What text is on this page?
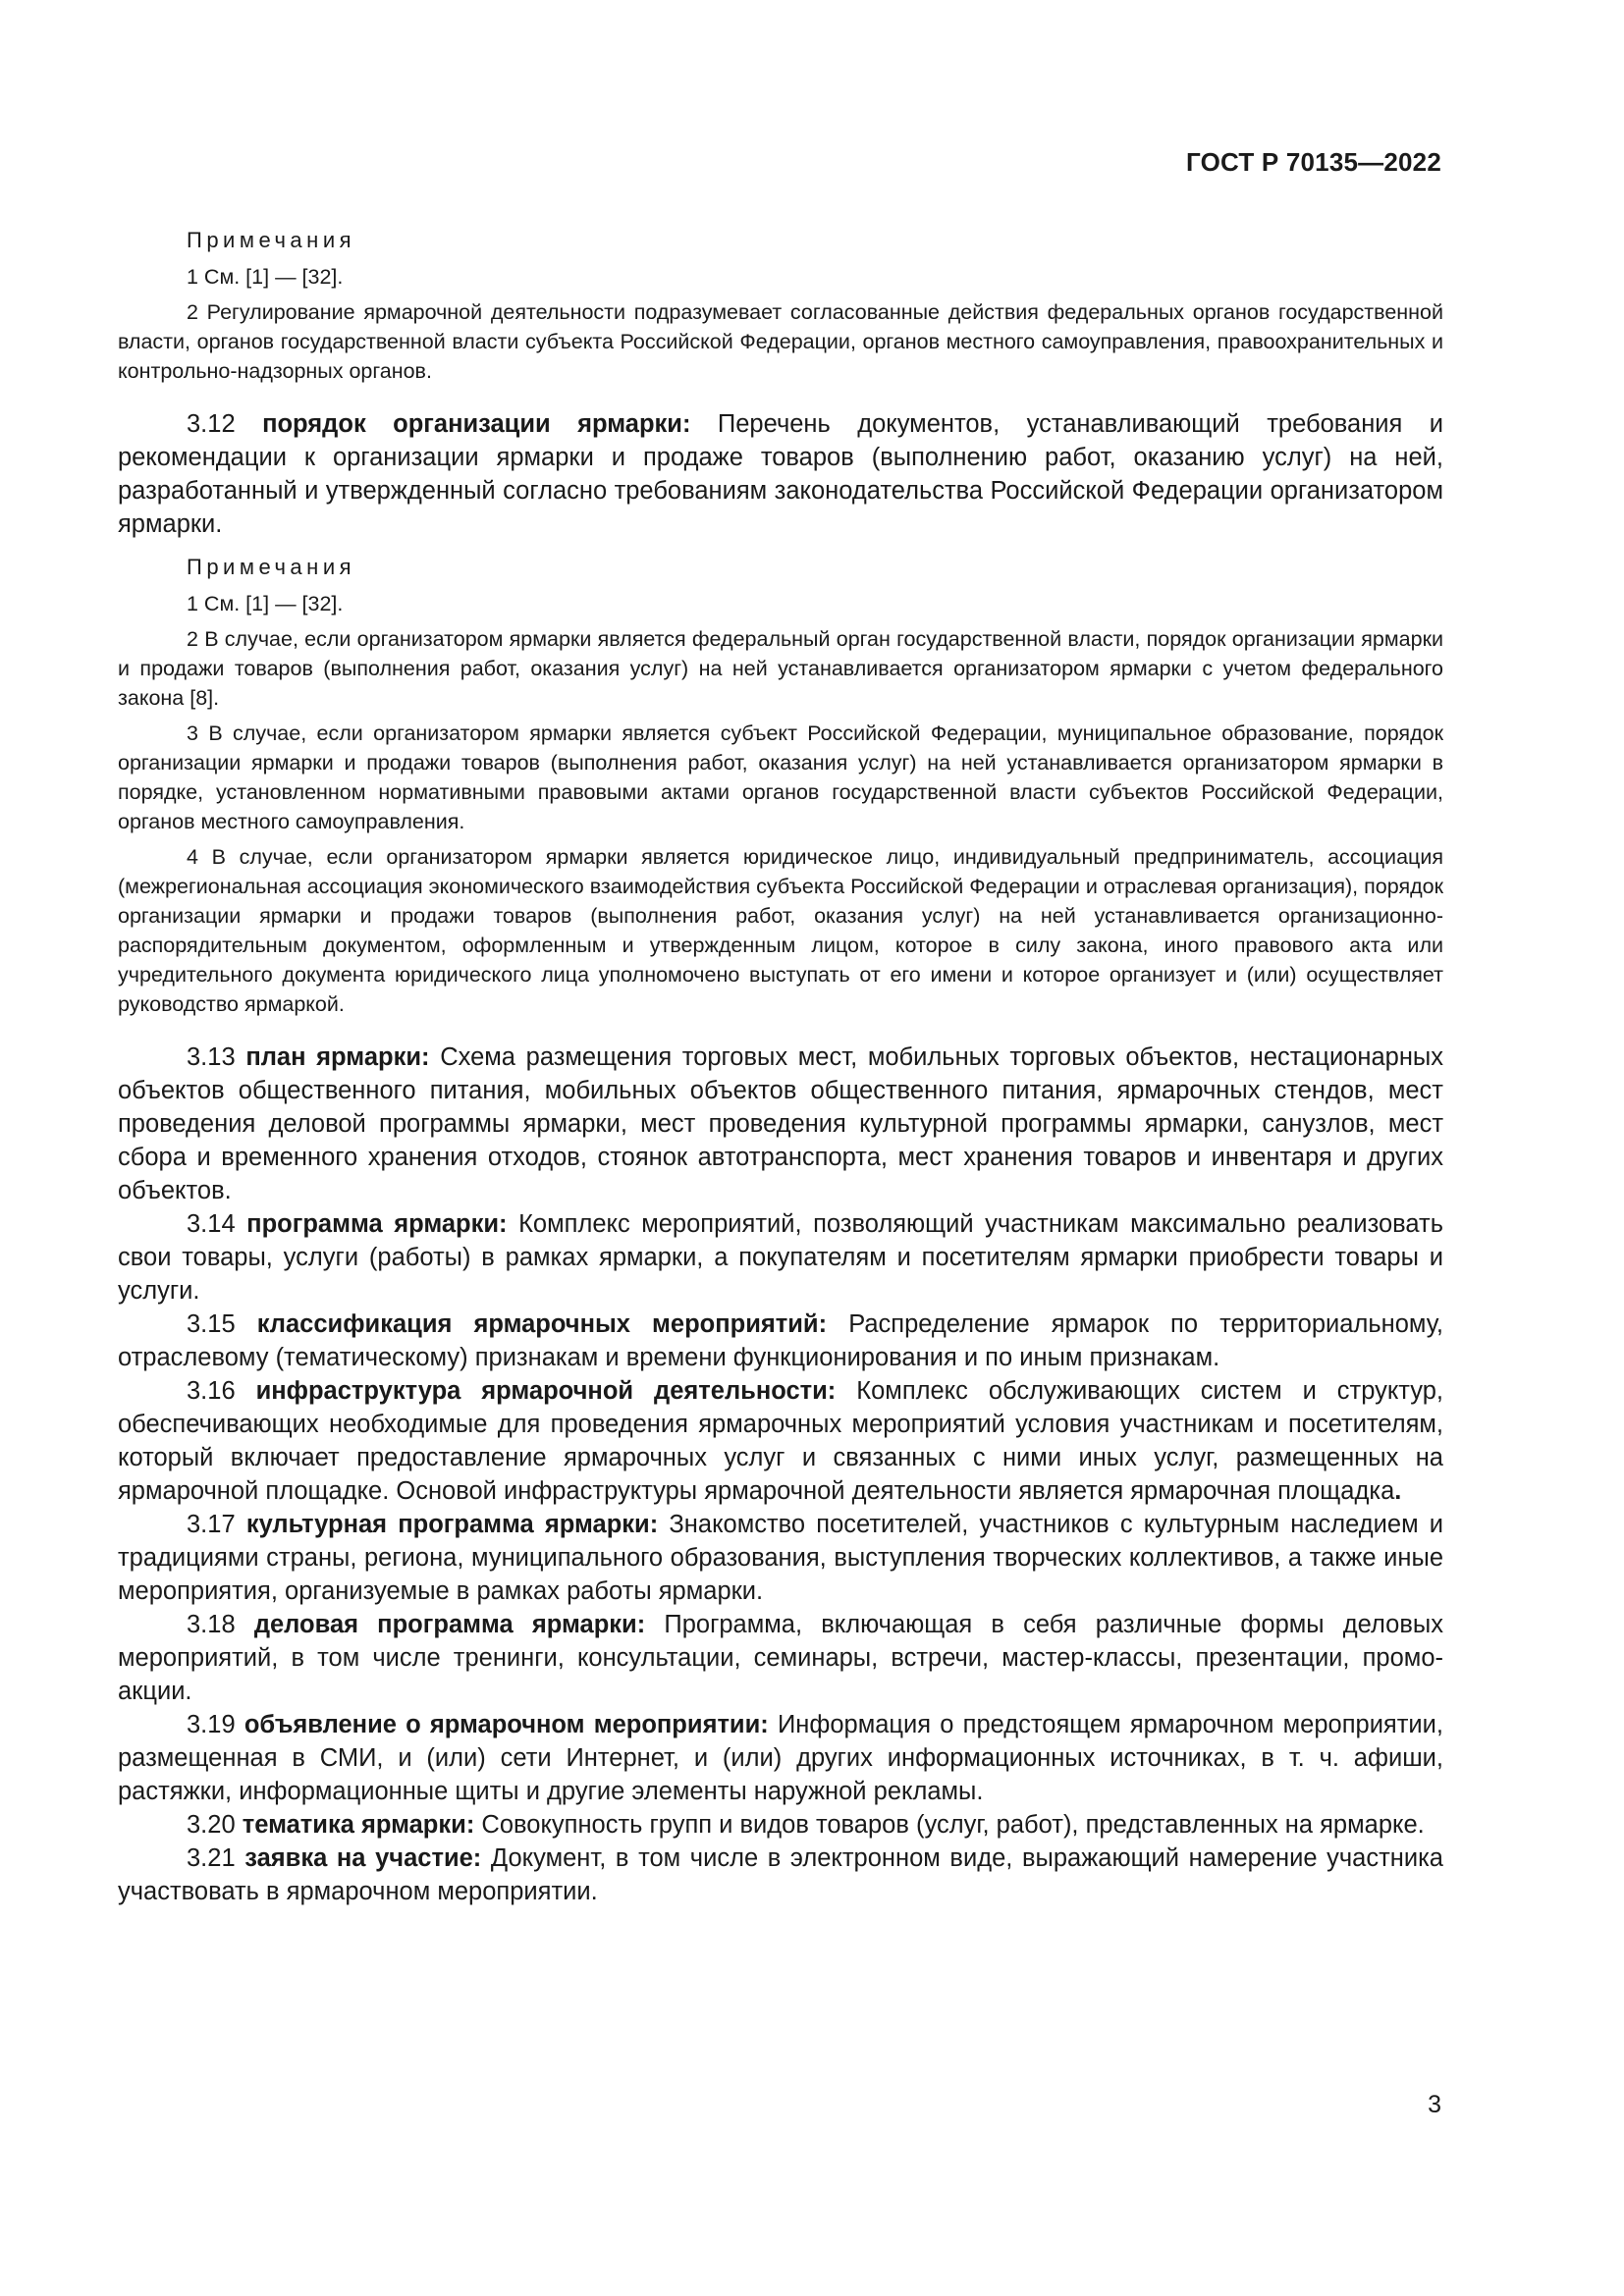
ГОСТ Р 70135—2022

Примечания

1 См. [1] — [32].

2 Регулирование ярмарочной деятельности подразумевает согласованные действия федеральных органов государственной власти, органов государственной власти субъекта Российской Федерации, органов местного самоуправления, правоохранительных и контрольно-надзорных органов.

3.12 порядок организации ярмарки: Перечень документов, устанавливающий требования и рекомендации к организации ярмарки и продаже товаров (выполнению работ, оказанию услуг) на ней, разработанный и утвержденный согласно требованиям законодательства Российской Федерации организатором ярмарки.

Примечания

1 См. [1] — [32].

2 В случае, если организатором ярмарки является федеральный орган государственной власти, порядок организации ярмарки и продажи товаров (выполнения работ, оказания услуг) на ней устанавливается организатором ярмарки с учетом федерального закона [8].

3 В случае, если организатором ярмарки является субъект Российской Федерации, муниципальное образование, порядок организации ярмарки и продажи товаров (выполнения работ, оказания услуг) на ней устанавливается организатором ярмарки в порядке, установленном нормативными правовыми актами органов государственной власти субъектов Российской Федерации, органов местного самоуправления.

4 В случае, если организатором ярмарки является юридическое лицо, индивидуальный предприниматель, ассоциация (межрегиональная ассоциация экономического взаимодействия субъекта Российской Федерации и отраслевая организация), порядок организации ярмарки и продажи товаров (выполнения работ, оказания услуг) на ней устанавливается организационно-распорядительным документом, оформленным и утвержденным лицом, которое в силу закона, иного правового акта или учредительного документа юридического лица уполномочено выступать от его имени и которое организует и (или) осуществляет руководство ярмаркой.

3.13 план ярмарки: Схема размещения торговых мест, мобильных торговых объектов, нестационарных объектов общественного питания, мобильных объектов общественного питания, ярмарочных стендов, мест проведения деловой программы ярмарки, мест проведения культурной программы ярмарки, санузлов, мест сбора и временного хранения отходов, стоянок автотранспорта, мест хранения товаров и инвентаря и других объектов.

3.14 программа ярмарки: Комплекс мероприятий, позволяющий участникам максимально реализовать свои товары, услуги (работы) в рамках ярмарки, а покупателям и посетителям ярмарки приобрести товары и услуги.

3.15 классификация ярмарочных мероприятий: Распределение ярмарок по территориальному, отраслевому (тематическому) признакам и времени функционирования и по иным признакам.

3.16 инфраструктура ярмарочной деятельности: Комплекс обслуживающих систем и структур, обеспечивающих необходимые для проведения ярмарочных мероприятий условия участникам и посетителям, который включает предоставление ярмарочных услуг и связанных с ними иных услуг, размещенных на ярмарочной площадке. Основой инфраструктуры ярмарочной деятельности является ярмарочная площадка.

3.17 культурная программа ярмарки: Знакомство посетителей, участников с культурным наследием и традициями страны, региона, муниципального образования, выступления творческих коллективов, а также иные мероприятия, организуемые в рамках работы ярмарки.

3.18 деловая программа ярмарки: Программа, включающая в себя различные формы деловых мероприятий, в том числе тренинги, консультации, семинары, встречи, мастер-классы, презентации, промо-акции.

3.19 объявление о ярмарочном мероприятии: Информация о предстоящем ярмарочном мероприятии, размещенная в СМИ, и (или) сети Интернет, и (или) других информационных источниках, в т. ч. афиши, растяжки, информационные щиты и другие элементы наружной рекламы.

3.20 тематика ярмарки: Совокупность групп и видов товаров (услуг, работ), представленных на ярмарке.

3.21 заявка на участие: Документ, в том числе в электронном виде, выражающий намерение участника участвовать в ярмарочном мероприятии.

3
